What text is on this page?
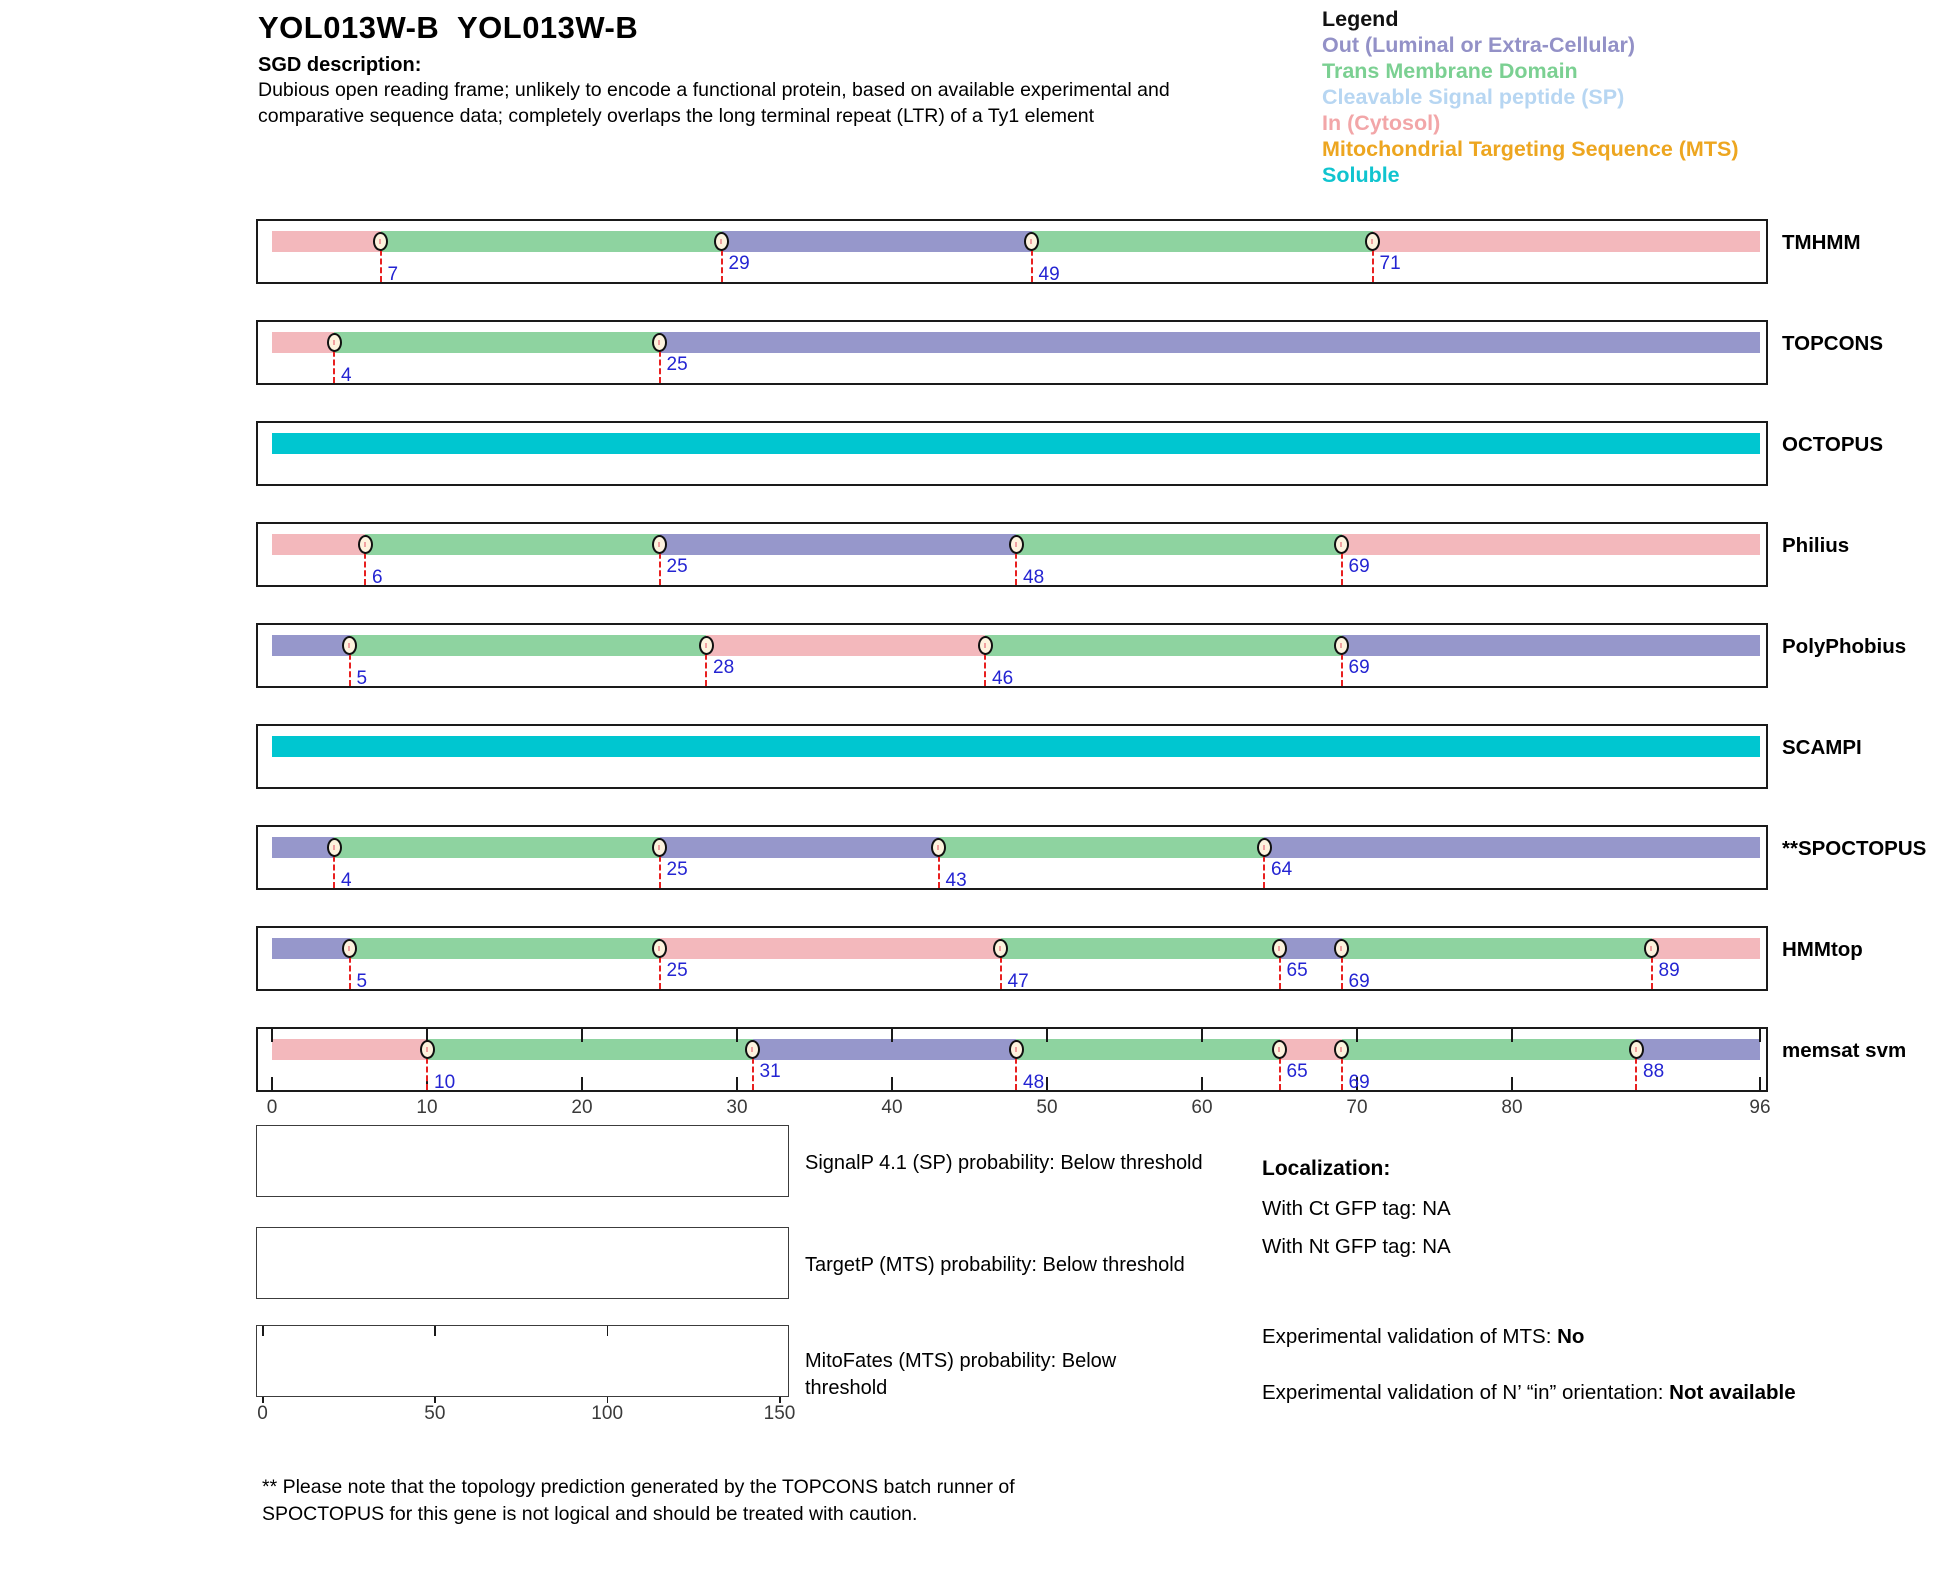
YOL013W-B  YOL013W-B
SGD description:
Dubious open reading frame; unlikely to encode a functional protein, based on available experimental and comparative sequence data; completely overlaps the long terminal repeat (LTR) of a Ty1 element
Legend
Out (Luminal or Extra-Cellular)
Trans Membrane Domain
Cleavable Signal peptide (SP)
In (Cytosol)
Mitochondrial Targeting Sequence (MTS)
Soluble
Localization:
With Ct GFP tag: NA
With Nt GFP tag: NA
Experimental validation of MTS: No
Experimental validation of N’ “in” orientation: Not available
** Please note that the topology prediction generated by the TOPCONS batch runner of SPOCTOPUS for this gene is not logical and should be treated with caution.
7
29
49
71
TMHMM
4
25
TOPCONS
OCTOPUS
6
25
48
69
Philius
5
28
46
69
PolyPhobius
SCAMPI
4
25
43
64
**SPOCTOPUS
5
25
47
65
69
89
HMMtop
10
31
48
65
69
88
memsat svm
0	10	20	30	40	50	60	70	80	96
SignalP 4.1 (SP) probability: Below threshold
TargetP (MTS) probability: Below threshold
0	50	100	150
MitoFates (MTS) probability: Below threshold
